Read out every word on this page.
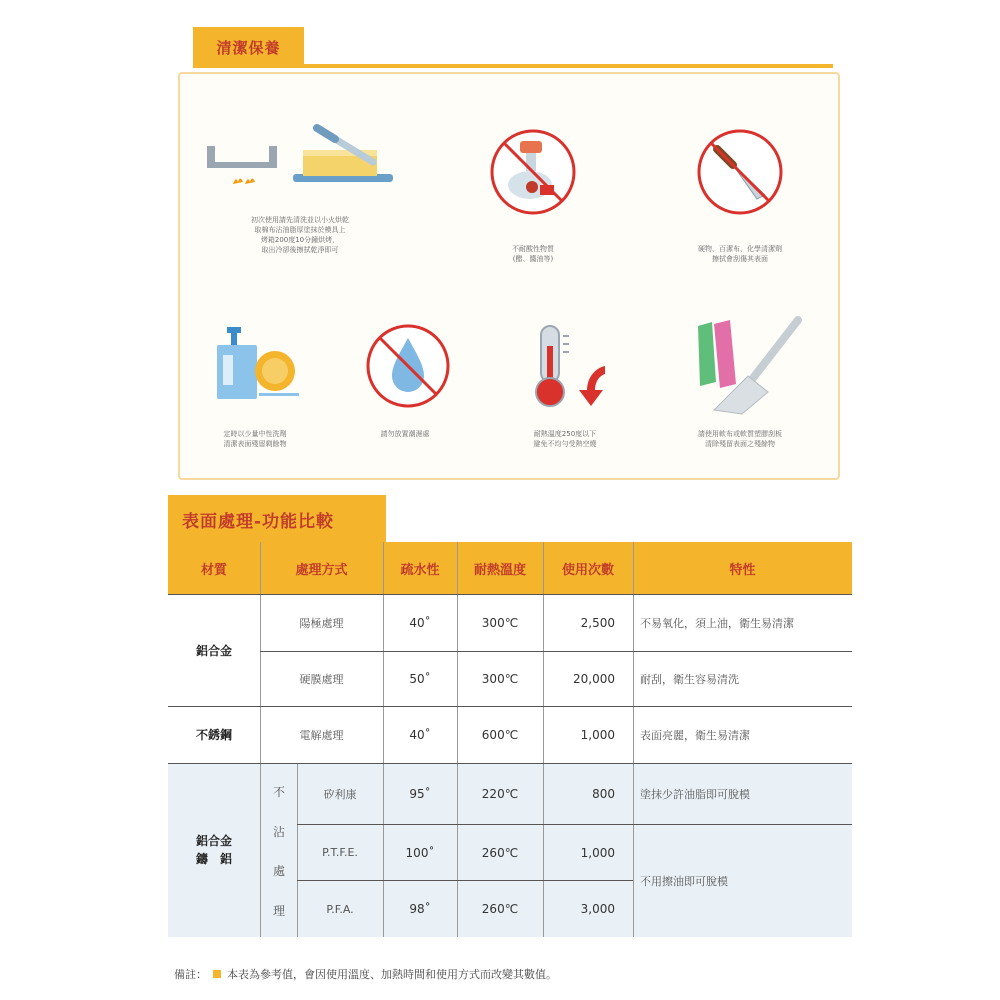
清潔保養
初次使用請先清洗並以小火烘乾
取棉布沾油脂厚塗抹於模具上
烤箱200度10分鐘烘烤，
取出冷卻後擦拭乾淨即可	不耐酸性物質
(醋、醬油等)
硬物、百潔布、化學清潔劑
擦拭會刮傷其表面
定時以少量中性洗劑
清潔表面殘留剩餘物
請勿放置潮濕處	耐熱溫度250度以下
避免不均勻受熱空燒
請使用軟布或軟質塑膠刮板
清除殘留表面之殘餘物
表面處理-功能比較
材質	處理方式	疏水性	耐熱溫度	使用次數	特性
鋁合金
不銹鋼
鋁合金
鑄　鋁
不
沾
處
理
陽極處理	40˚	300℃	2,500 不易氧化，須上油，衛生易清潔
硬膜處理	50˚	300℃	20,000 耐刮，衛生容易清洗
電解處理	40˚	600℃	1,000 表面亮麗，衛生易清潔
矽利康	95˚	220℃	800 塗抹少許油脂即可脫模
P.T.F.E.	100˚	260℃	1,000
P.F.A.	98˚	260℃	3,000
不用擦油即可脫模
備註： 本表為參考值，會因使用溫度、加熱時間和使用方式而改變其數值。
